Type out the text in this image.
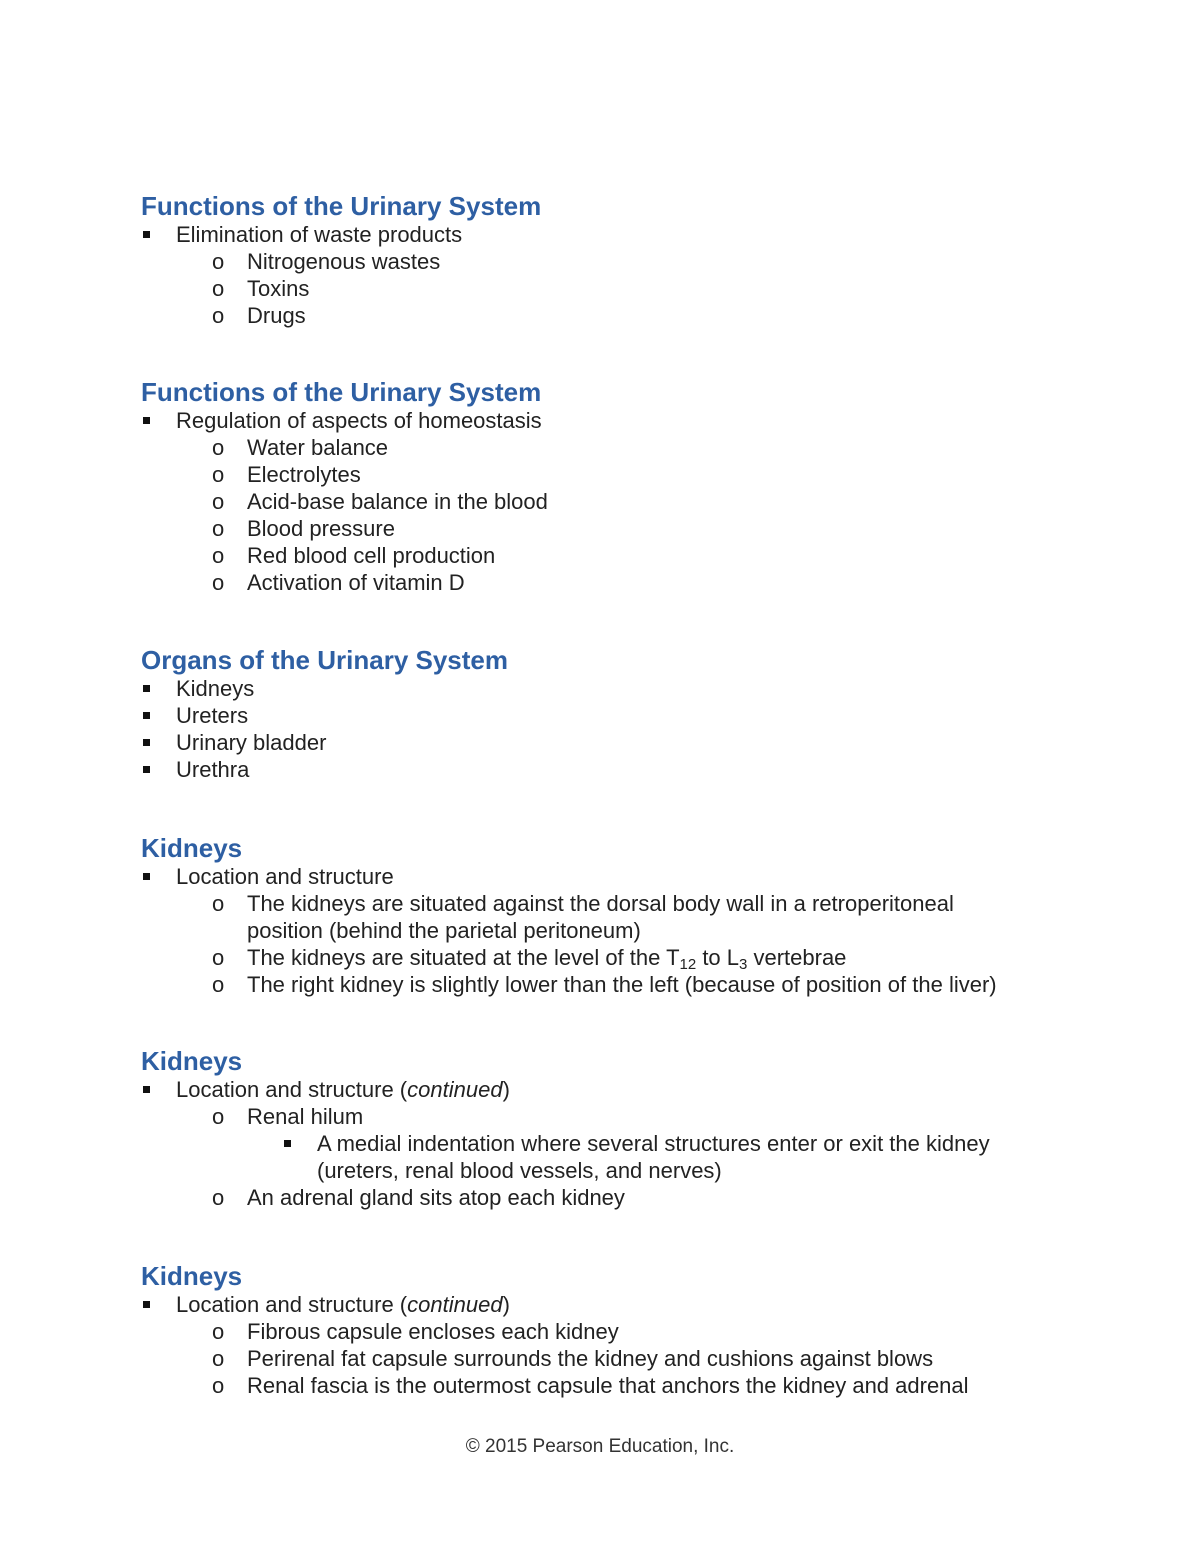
Functions of the Urinary System
Elimination of waste products
o Nitrogenous wastes
o Toxins
o Drugs
Functions of the Urinary System
Regulation of aspects of homeostasis
o Water balance
o Electrolytes
o Acid-base balance in the blood
o Blood pressure
o Red blood cell production
o Activation of vitamin D
Organs of the Urinary System
Kidneys
Ureters
Urinary bladder
Urethra
Kidneys
Location and structure
o The kidneys are situated against the dorsal body wall in a retroperitoneal
position (behind the parietal peritoneum)
o The kidneys are situated at the level of the $T_{12}$ to $L_3$ vertebrae
o The right kidney is slightly lower than the left (because of position of the liver)
Kidneys
Location and structure (continued)
o Renal hilum
A medial indentation where several structures enter or exit the kidney
(ureters, renal blood vessels, and nerves)
o An adrenal gland sits atop each kidney
Kidneys
Location and structure (continued)
o Fibrous capsule encloses each kidney
o Perirenal fat capsule surrounds the kidney and cushions against blows
o Renal fascia is the outermost capsule that anchors the kidney and adrenal
© 2015 Pearson Education, Inc.
